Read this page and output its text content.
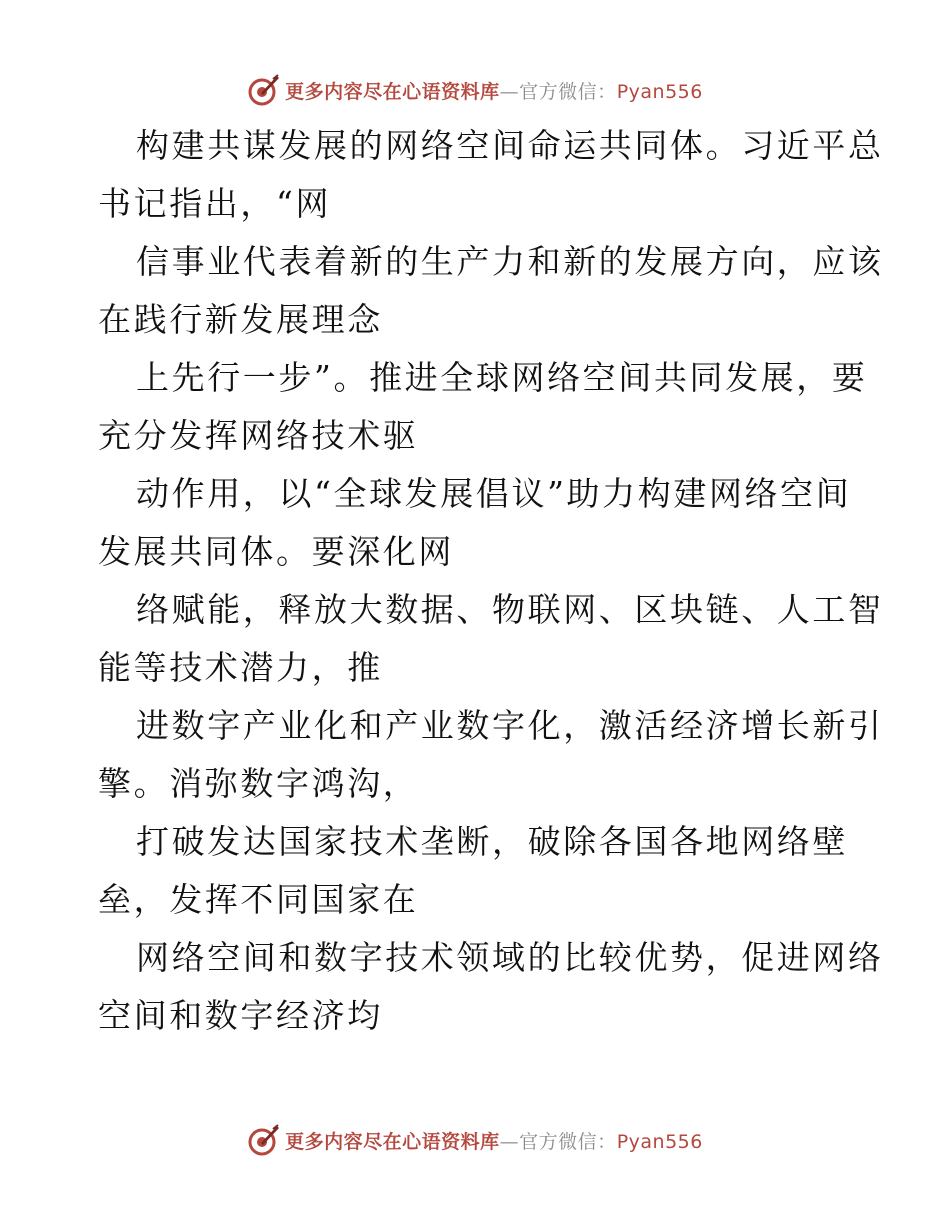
更多内容尽在心语资料库—官方微信：Pyan556
构建共谋发展的网络空间命运共同体。习近平总
书记指出，“网
信事业代表着新的生产力和新的发展方向，应该
在践行新发展理念
上先行一步”。推进全球网络空间共同发展，要
充分发挥网络技术驱
动作用，以“全球发展倡议”助力构建网络空间
发展共同体。要深化网
络赋能，释放大数据、物联网、区块链、人工智
能等技术潜力，推
进数字产业化和产业数字化，激活经济增长新引
擎。消弥数字鸿沟，
打破发达国家技术垄断，破除各国各地网络壁
垒，发挥不同国家在
网络空间和数字技术领域的比较优势，促进网络
空间和数字经济均
更多内容尽在心语资料库—官方微信：Pyan556
